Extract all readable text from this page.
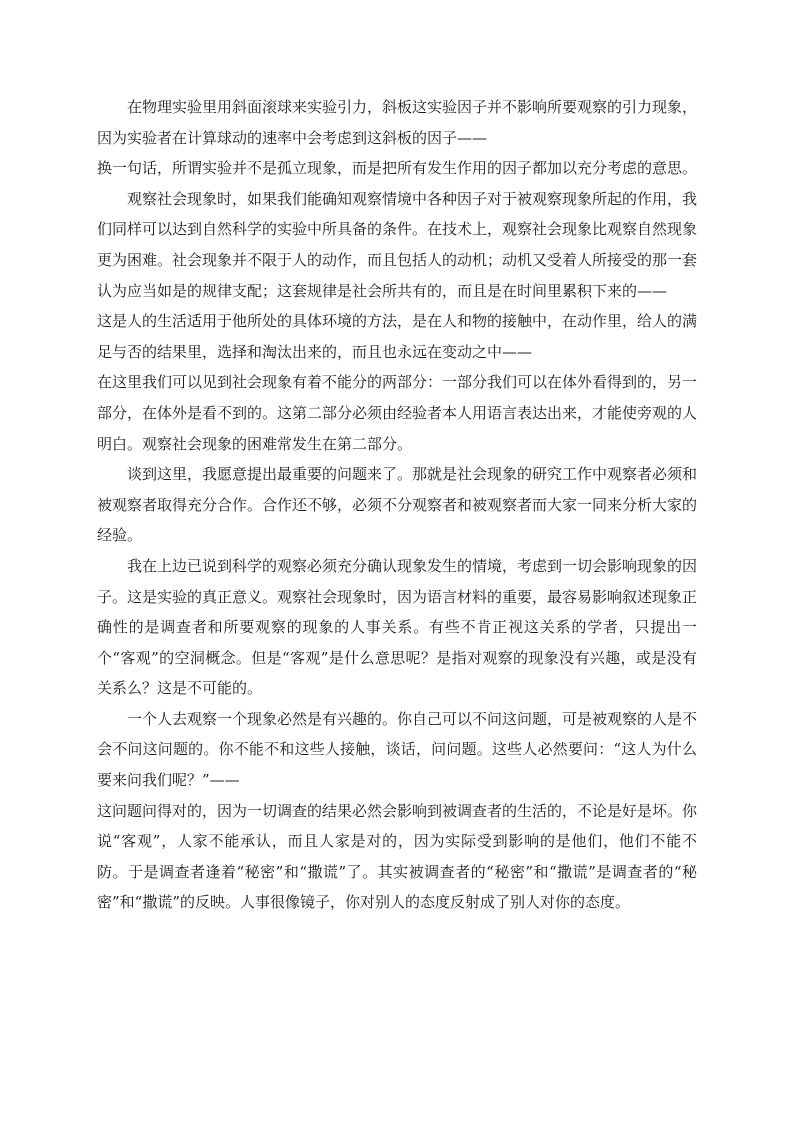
在物理实验里用斜面滚球来实验引力，斜板这实验因子并不影响所要观察的引力现象，因为实验者在计算球动的速率中会考虑到这斜板的因子——

换一句话，所谓实验并不是孤立现象，而是把所有发生作用的因子都加以充分考虑的意思。

观察社会现象时，如果我们能确知观察情境中各种因子对于被观察现象所起的作用，我们同样可以达到自然科学的实验中所具备的条件。在技术上，观察社会现象比观察自然现象更为困难。社会现象并不限于人的动作，而且包括人的动机；动机又受着人所接受的那一套认为应当如是的规律支配；这套规律是社会所共有的，而且是在时间里累积下来的——

这是人的生活适用于他所处的具体环境的方法，是在人和物的接触中，在动作里，给人的满足与否的结果里，选择和淘汰出来的，而且也永远在变动之中——

在这里我们可以见到社会现象有着不能分的两部分：一部分我们可以在体外看得到的，另一部分，在体外是看不到的。这第二部分必须由经验者本人用语言表达出来，才能使旁观的人明白。观察社会现象的困难常发生在第二部分。

谈到这里，我愿意提出最重要的问题来了。那就是社会现象的研究工作中观察者必须和被观察者取得充分合作。合作还不够，必须不分观察者和被观察者而大家一同来分析大家的经验。

我在上边已说到科学的观察必须充分确认现象发生的情境，考虑到一切会影响现象的因子。这是实验的真正意义。观察社会现象时，因为语言材料的重要，最容易影响叙述现象正确性的是调查者和所要观察的现象的人事关系。有些不肯正视这关系的学者，只提出一个“客观”的空洞概念。但是“客观”是什么意思呢？是指对观察的现象没有兴趣，或是没有关系么？这是不可能的。

一个人去观察一个现象必然是有兴趣的。你自己可以不问这问题，可是被观察的人是不会不问这问题的。你不能不和这些人接触，谈话，问问题。这些人必然要问：“这人为什么要来问我们呢？”——

这问题问得对的，因为一切调查的结果必然会影响到被调查者的生活的，不论是好是坏。你说“客观”，人家不能承认，而且人家是对的，因为实际受到影响的是他们，他们不能不防。于是调查者逢着“秘密”和“撒谎”了。其实被调查者的“秘密”和“撒谎”是调查者的“秘密”和“撒谎”的反映。人事很像镜子，你对别人的态度反射成了别人对你的态度。
